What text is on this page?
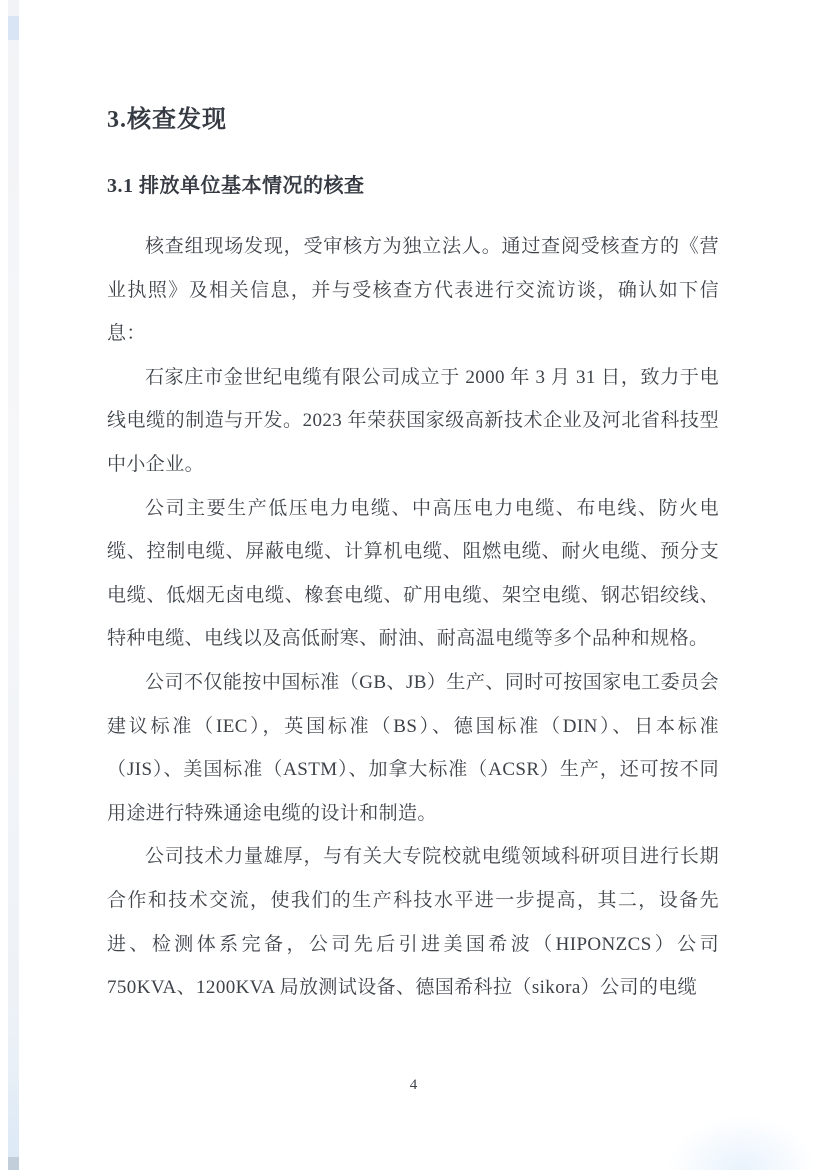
3.核查发现
3.1 排放单位基本情况的核查

核查组现场发现，受审核方为独立法人。通过查阅受核查方的《营业执照》及相关信息，并与受核查方代表进行交流访谈，确认如下信息：

石家庄市金世纪电缆有限公司成立于 2000 年 3 月 31 日，致力于电线电缆的制造与开发。2023 年荣获国家级高新技术企业及河北省科技型中小企业。

公司主要生产低压电力电缆、中高压电力电缆、布电线、防火电缆、控制电缆、屏蔽电缆、计算机电缆、阻燃电缆、耐火电缆、预分支电缆、低烟无卤电缆、橡套电缆、矿用电缆、架空电缆、钢芯铝绞线、特种电缆、电线以及高低耐寒、耐油、耐高温电缆等多个品种和规格。

公司不仅能按中国标准（GB、JB）生产、同时可按国家电工委员会建议标准（IEC），英国标准（BS）、德国标准（DIN）、日本标准（JIS）、美国标准（ASTM）、加拿大标准（ACSR）生产，还可按不同用途进行特殊通途电缆的设计和制造。

公司技术力量雄厚，与有关大专院校就电缆领域科研项目进行长期合作和技术交流，使我们的生产科技水平进一步提高，其二，设备先进、检测体系完备，公司先后引进美国希波（HIPONZCS）公司 750KVA、1200KVA 局放测试设备、德国希科拉（sikora）公司的电缆

4
